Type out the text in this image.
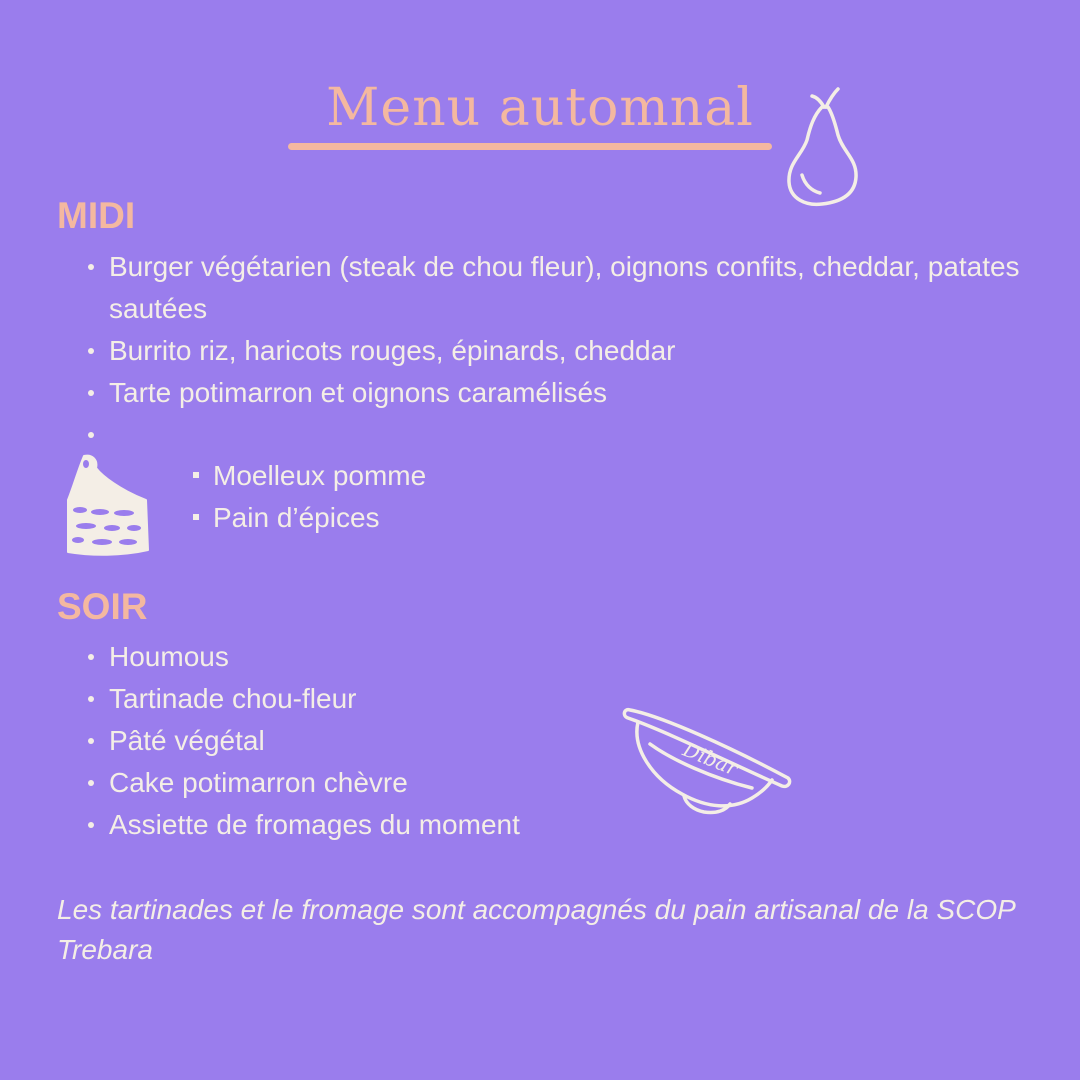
Menu automnal
MIDI
Burger végétarien (steak de chou fleur), oignons confits, cheddar, patates sautées
Burrito riz, haricots rouges, épinards, cheddar
Tarte potimarron et oignons caramélisés
Moelleux pomme
Pain d’épices
SOIR
Houmous
Tartinade chou-fleur
Pâté végétal
Cake potimarron chèvre
Assiette de fromages du moment
Dibar

Les tartinades et le fromage sont accompagnés du pain artisanal de la SCOP Trebara
